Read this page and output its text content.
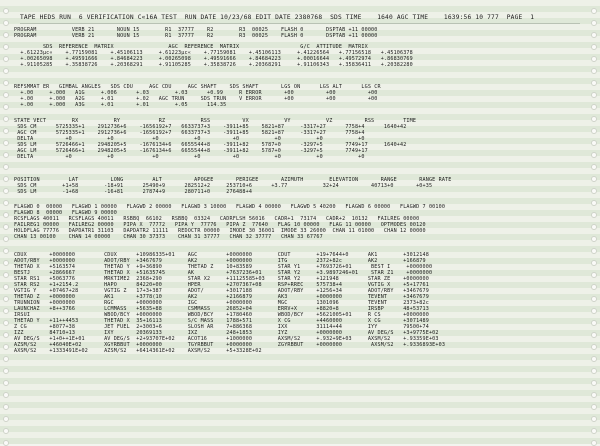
TAPE HEDS RUN  6 VERIFICATION C«16A TEST  RUN DATE 10/23/68 EDIT DATE 2380768  SDS TIME    1640 AGC TIME    1639:56 10 777  PAGE  1
PROGRAM           VERB 21       NOUN 15        R1  37777    R2        R3  00025    FLASH 0       DSPTAB +11 00000
PROGRAM           VERB 21       NOUN 15        R1  37777    R2        R3  00025    FLASH 0       DSPTAB +11 00000
SDS  REFERENCE  MATRIX                 AGC  REFERENCE  MATRIX                   G/C  ATTITUDE  MATRIX
+.61223µc«    +.77159081    +.45106113     +.61223µc«    +.77159081    +.45106113     +.41226564   +.77156518   +.45106378
+.00265098    +.49591666    +.84684223     +.00265098    +.49591666    +.84684223     +.00016644   +.49572974   +.86830769
+.91105285    +.35838726    +.20368291     +.91105285    +.35838726    +.20368291     +.91106343   +.35836411   +.20382280
REFSMMAT ER   GIMBAL ANGLES   SDS CDU     AGC CDU     AGC SHAFT    SDS SHAFT       LGS ON      LGS ALT      LGS CR
+.00     +.000   A1G     +.006      +.03        +.03      +0.99     R ERROR       +00          +00          +00
+.00     +.000   A2G     +.01       +.02   AGC TRUN     SDS TRUN    V ERROR       +00          +00          +00
+.00     +.000   A3G     +.01       +.01        +.05      114.35
STATE VECT        RX           RY            RZ           RSS          VX           VY           VZ          RSS         TIME
SDS CM      5725335+1    2912736+6    -1656192+7   6633737+3    -3911+85    5821+87     -3317+27      7758+4      1640+42
AGC CM      5725335+1    2912736+6    -1656192+7   6633737+3    -3911+85    5821+87     -3317+27      7758+4
DELTA          +0           +0            +0           +0          +0           +0           +0           +0
SDS LM      5726466+1    2948205+5    -1676134+6   6655544+8    -3911+82    5787+0      -3297+5       7749+17     1640+42
AGC LM      5726466+1    2948205+5    -1676134+6   6655544+8    -3911+82    5787+0      -3297+5       7749+17
DELTA          +0           +0            +0           +0          +0           +0           +0           +0
POSITION         LAT          LONG         ALT          APOGEE       PERIGEE       AZIMUTH        ELEVATION       RANGE       RANGE RATE
SDS CM        +1+58        -18+91      25490+9      282512+2     253710+6      +3.77           32+24          40713+0       +0+35
SDS LM        -1+68        -16+81      27874+9      280711+0     276488+4
FLAGWD 0  00000   FLAGWD 1 00000   FLAGWD 2 00000   FLAGWD 3 10000   FLAGWD 4 00000   FLAGWD 5 40200   FLAGWD 6 00000   FLAGWD 7 00100
FLAGWD 8  00000   FLAGWD 9 00000
RCSFLAGS 40011   RCSFLAGS 40011   RSBBQ  66102   RSBBQ  03324   CADRFLSH 56016   CADR+1  73174   CADR+2  10132   FAILREG 00000
FAILREG1 00000   FAILREG2 00000   PIPA X  77772   PIPA Y  77776   PIPA Z  77640   FLAG 10 00000   FLAG 11 00000   OPTMODES 00120
HOLDFLAG 77776   DAPDATR1 31103   DAPDATR2 11111   REDOCTR 00000   IMODE 30 36001  IMODE 33 26000  CHAN 11 01000   CHAN 12 00000
CHAN 13 00100    CHAN 14 00000    CHAN 30 37373    CHAN 31 37777   CHAN 32 37777   CHAN 33 67767
CDUX       +0000000         CDUX      +10986335+01    AGC         +0000000        CDUT        +19+7644+0      AK1        +3012148
ADOT/RBY   +0000000         ADOT/RBY  +3467679        AK2         +0000000        ITG         2372+82c        AK2        +166879
THETAD X   +5163574         THETAD Y  +9+36890        THETAD Z    10+83589        STAR Y1     +7693726+01      BEST I     +0000000
BESTJ      +2866667         THETAD X  +51635745       AK          +7637236+01     STAR Y2     +3.9897246+01    STAR Z1    +0000000
STAR RS1   +5063776         MRKTIME2  2368+290        STAR X2     +11125585+03    STAR Y2     +121948         STAR ZE    +0000000
STAR RS2   +1+2154.2        HAPO      84220+00        HPER        +2707367+08     RSP+RREC    575738+4        VGTIG X    +5+17761
VGTIG Y    +07467+28        VGTIG Z   17+3+387        ADOT/       +3017188        ADOT/RBY    +1256+34        ADOT/RBY   +3467679
THETAD Z   +0000000         AK1       +3778(10        AK2         +2166879        AK3         +0000000        TEVENT     +3467679
TRUNNION   +0000000         RGC       +0000000        IGC         +0000000        MGC         1301096         TEVENT     2373+82c
LAUNCHAZ   +8++3766         LCMMASS   +5635+88        CSMMASS     26852+04        ERRV+X      +8820+8         IRSBP      48+53713
IRSUI                       WBOD/BCY  +0000000        WBOD/BCY    +1780460        WBOD/BCY    +5621005+01     R CS       +0000000
THETAD Y   +11++4453        THETAD X  35+16113        S/C MASS    1788+571        X CG        +4460000        X CG       +3071489
Z CG       +8077+38         JET FUEL  2+3003+6        SLOSH AR    7+886368        IXX         31114+44        IYY        79500+74
IZZ        84710+13         IXY       20369133        IXZ         248+1853        IYZ         +0000000        AV DEG/S   +3+9775E+02
AV DEG/S   +1+0++1E+01      AV DEG/S  +2+93707E+02    ACOT16      +1000000        AXSM/S2     +.932+9E+03     AXSM/S2    +.93359E+03
AZSM/S2    +46040E+02       XGYRBBUT  +0000000        TGYRBBUT    +0000000        ZGYRBBUT    +0000000         AXSM/S2   +.9336893E+03
AXSM/S2    +1333491E+02     AZSM/S2   +6414361E+02    AXSM/S2     +5+3328E+02
